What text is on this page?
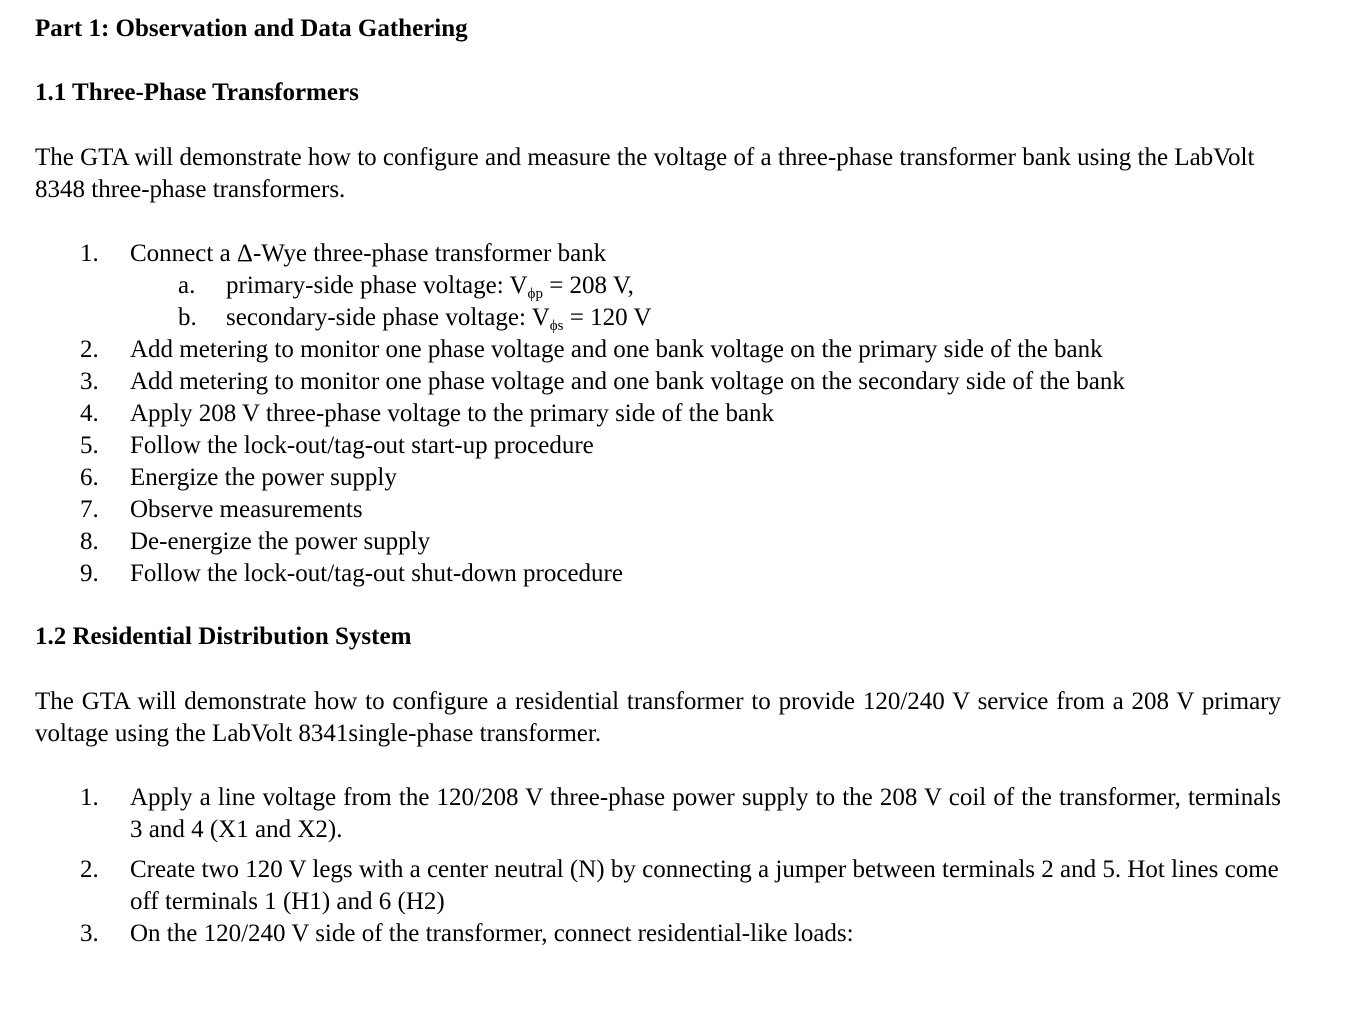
Part 1: Observation and Data Gathering
1.1 Three-Phase Transformers
The GTA will demonstrate how to configure and measure the voltage of a three-phase transformer bank using the LabVolt 8348 three-phase transformers.
1.	Connect a Δ-Wye three-phase transformer bank
a.	primary-side phase voltage: $V_{\phi p} = 208$ V,
b.	secondary-side phase voltage: $V_{\phi s} = 120$ V
2.	Add metering to monitor one phase voltage and one bank voltage on the primary side of the bank
3.	Add metering to monitor one phase voltage and one bank voltage on the secondary side of the bank
4.	Apply 208 V three-phase voltage to the primary side of the bank
5.	Follow the lock-out/tag-out start-up procedure
6.	Energize the power supply
7.	Observe measurements
8.	De-energize the power supply
9.	Follow the lock-out/tag-out shut-down procedure
1.2 Residential Distribution System
The GTA will demonstrate how to configure a residential transformer to provide 120/240 V service from a 208 V primary voltage using the LabVolt 8341single-phase transformer.
1.	Apply a line voltage from the 120/208 V three-phase power supply to the 208 V coil of the transformer, terminals 3 and 4 (X1 and X2).
2.	Create two 120 V legs with a center neutral (N) by connecting a jumper between terminals 2 and 5. Hot lines come off terminals 1 (H1) and 6 (H2)
3.	On the 120/240 V side of the transformer, connect residential-like loads:
